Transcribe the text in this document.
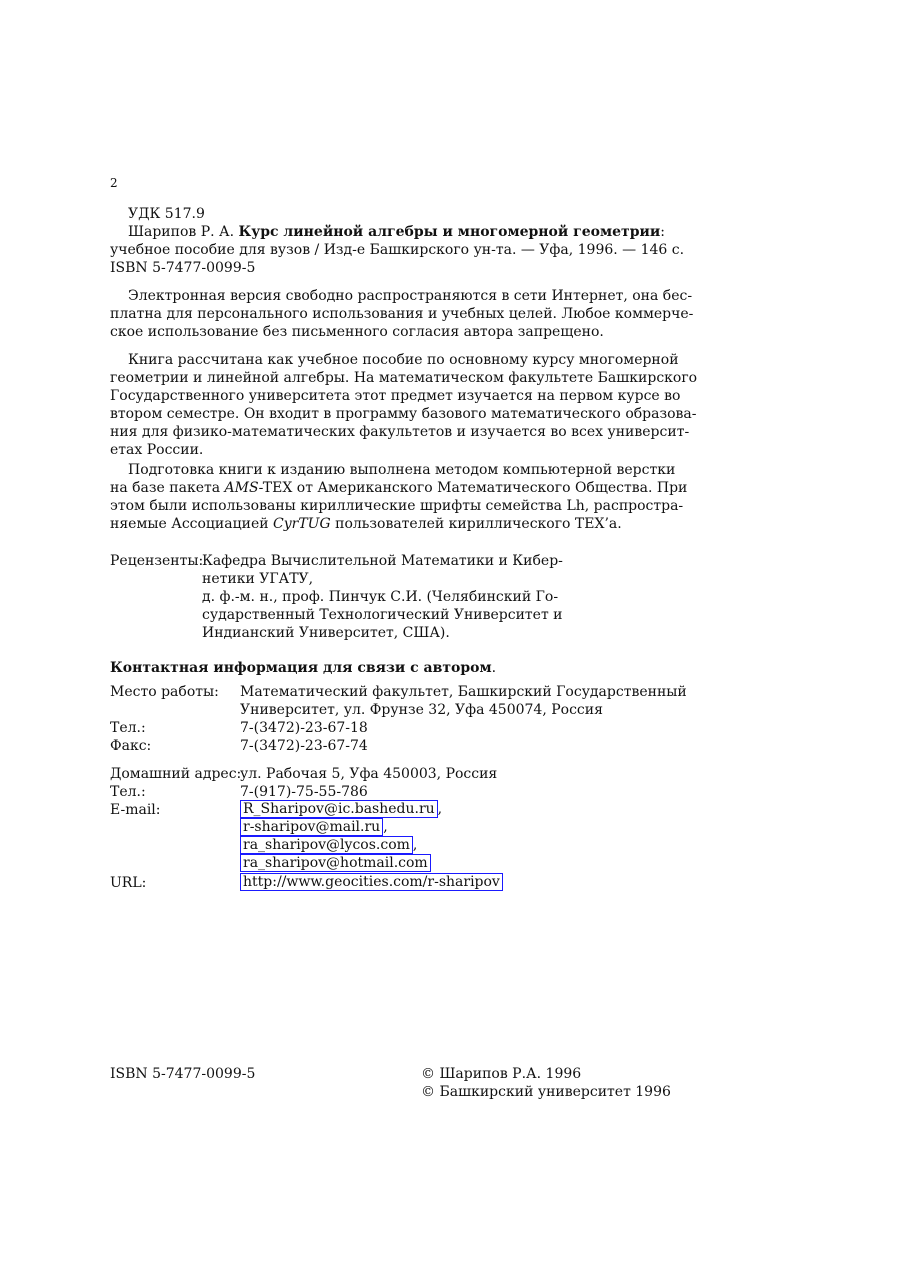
2
УДК 517.9
Шарипов Р. А. Курс линейной алгебры и многомерной геометрии:
учебное пособие для вузов / Изд-е Башкирского ун-та. — Уфа, 1996. — 146 с.
ISBN 5-7477-0099-5
Электронная версия свободно распространяются в сети Интернет, она бес-
платна для персонального использования и учебных целей. Любое коммерче-
ское использование без письменного согласия автора запрещено.
Книга рассчитана как учебное пособие по основному курсу многомерной
геометрии и линейной алгебры. На математическом факультете Башкирского
Государственного университета этот предмет изучается на первом курсе во
втором семестре. Он входит в программу базового математического образова-
ния для физико-математических факультетов и изучается во всех университ-
етах России.
Подготовка книги к изданию выполнена методом компьютерной верстки
на базе пакета AMS-TEX от Американского Математического Общества. При
этом были использованы кириллические шрифты семейства Lh, распростра-
няемые Ассоциацией CyrTUG пользователей кириллического TEX’а.
Рецензенты:
Кафедра Вычислительной Математики и Кибер-
нетики УГАТУ,
д. ф.-м. н., проф. Пинчук С.И. (Челябинский Го-
сударственный Технологический Университет и
Индианский Университет, США).
Контактная информация для связи с автором.
Место работы: Математический факультет, Башкирский Государственный
Университет, ул. Фрунзе 32, Уфа 450074, Россия
Тел.:	7-(3472)-23-67-18
Факс:	7-(3472)-23-67-74
Домашний адрес:
ул. Рабочая 5, Уфа 450003, Россия
Тел.:	7-(917)-75-55-786
E-mail:	R_Sharipov@ic.bashedu.ru ,
r-sharipov@mail.ru ,
ra_sharipov@lycos.com ,
ra_sharipov@hotmail.com
URL:	http://www.geocities.com/r-sharipov
ISBN 5-7477-0099-5	© Шарипов Р.А. 1996
© Башкирский университет 1996
